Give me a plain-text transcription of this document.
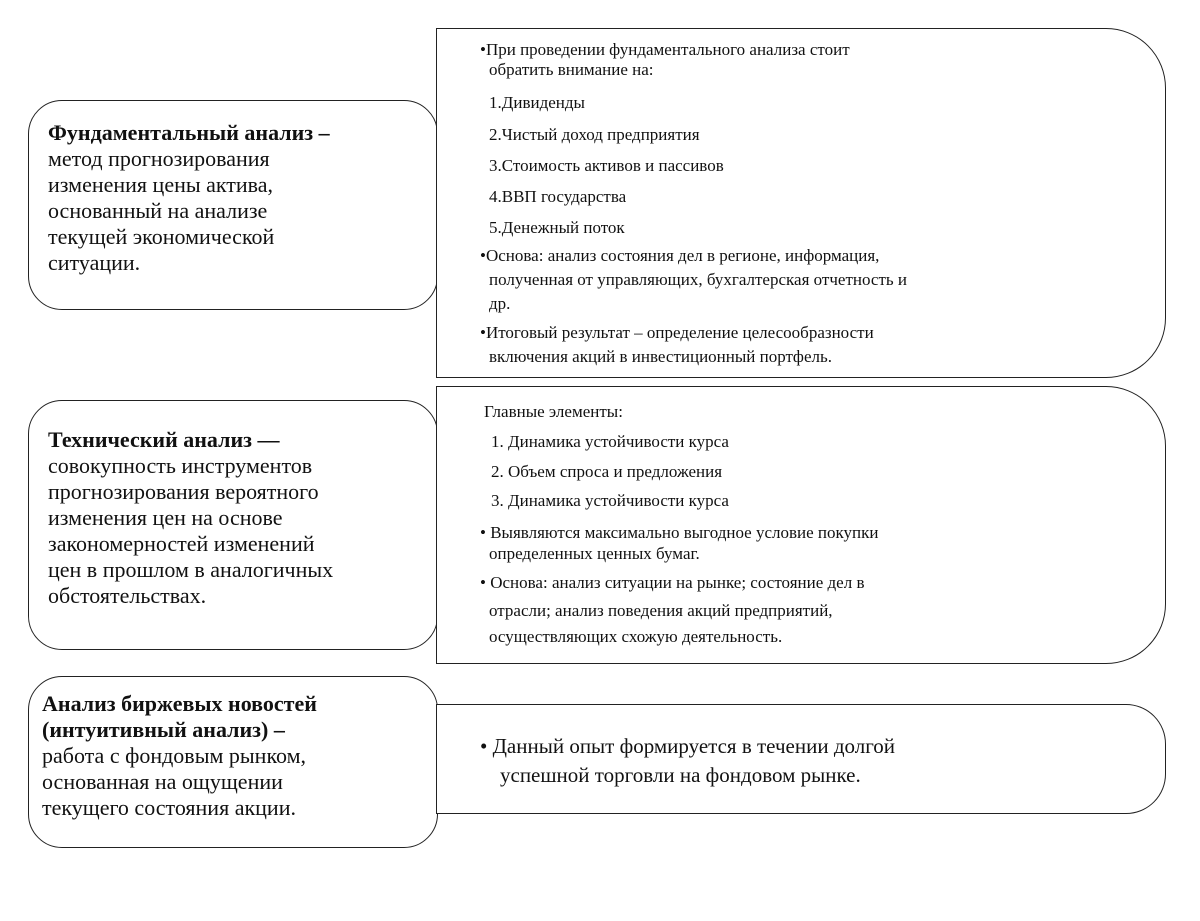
Фундаментальный анализ –
метод прогнозирования
изменения цены актива,
основанный на анализе
текущей экономической
ситуации.
•При проведении фундаментального анализа стоит
обратить внимание на:
1.Дивиденды
2.Чистый доход предприятия
3.Стоимость активов и пассивов
4.ВВП государства
5.Денежный поток
•Основа: анализ состояния дел в регионе, информация,
полученная от управляющих, бухгалтерская отчетность и
др.
•Итоговый результат – определение целесообразности
включения акций в инвестиционный портфель.
Технический анализ —
совокупность инструментов
прогнозирования вероятного
изменения цен на основе
закономерностей изменений
цен в прошлом в аналогичных
обстоятельствах.
Главные элементы:
1. Динамика устойчивости курса
2. Объем спроса и предложения
3. Динамика устойчивости курса
• Выявляются максимально выгодное условие покупки
определенных ценных бумаг.
• Основа: анализ ситуации на рынке; состояние дел в
отрасли; анализ поведения акций предприятий,
осуществляющих схожую деятельность.
Анализ биржевых новостей
(интуитивный анализ) –
работа с фондовым рынком,
основанная на ощущении
текущего состояния акции.
• Данный опыт формируется в течении долгой
успешной торговли на фондовом рынке.
